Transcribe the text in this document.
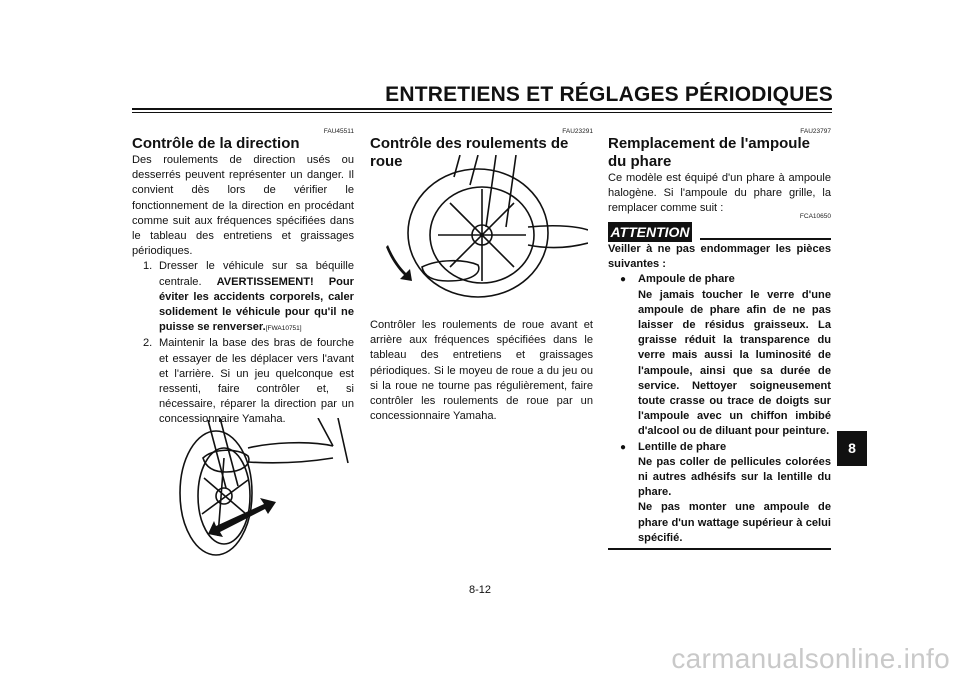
ENTRETIENS ET RÉGLAGES PÉRIODIQUES
FAU45511
Contrôle de la direction

Des roulements de direction usés ou desserrés peuvent représenter un danger. Il convient dès lors de vérifier le fonctionnement de la direction en procédant comme suit aux fréquences spécifiées dans le tableau des entretiens et graissages périodiques.

1. Dresser le véhicule sur sa béquille centrale. AVERTISSEMENT! Pour éviter les accidents corporels, caler solidement le véhicule pour qu'il ne puisse se renverser.[FWA10751]
2. Maintenir la base des bras de fourche et essayer de les déplacer vers l'avant et l'arrière. Si un jeu quelconque est ressenti, faire contrôler et, si nécessaire, réparer la direction par un concessionnaire Yamaha.
FAU23291
Contrôle des roulements de roue

Contrôler les roulements de roue avant et arrière aux fréquences spécifiées dans le tableau des entretiens et graissages périodiques. Si le moyeu de roue a du jeu ou si la roue ne tourne pas régulièrement, faire contrôler les roulements de roue par un concessionnaire Yamaha.

FAU23797
Remplacement de l'ampoule du phare

Ce modèle est équipé d'un phare à ampoule halogène. Si l'ampoule du phare grille, la remplacer comme suit :

FCA10650
ATTENTION

Veiller à ne pas endommager les pièces suivantes :

●	Ampoule de phare
Ne jamais toucher le verre d'une ampoule de phare afin de ne pas laisser de résidus graisseux. La graisse réduit la transparence du verre mais aussi la luminosité de l'ampoule, ainsi que sa durée de service. Nettoyer soigneusement toute crasse ou trace de doigts sur l'ampoule avec un chiffon imbibé d'alcool ou de diluant pour peinture.
●	Lentille de phare
Ne pas coller de pellicules colorées ni autres adhésifs sur la lentille du phare.
Ne pas monter une ampoule de phare d'un wattage supérieur à celui spécifié.
8
8-12
carmanualsonline.info
